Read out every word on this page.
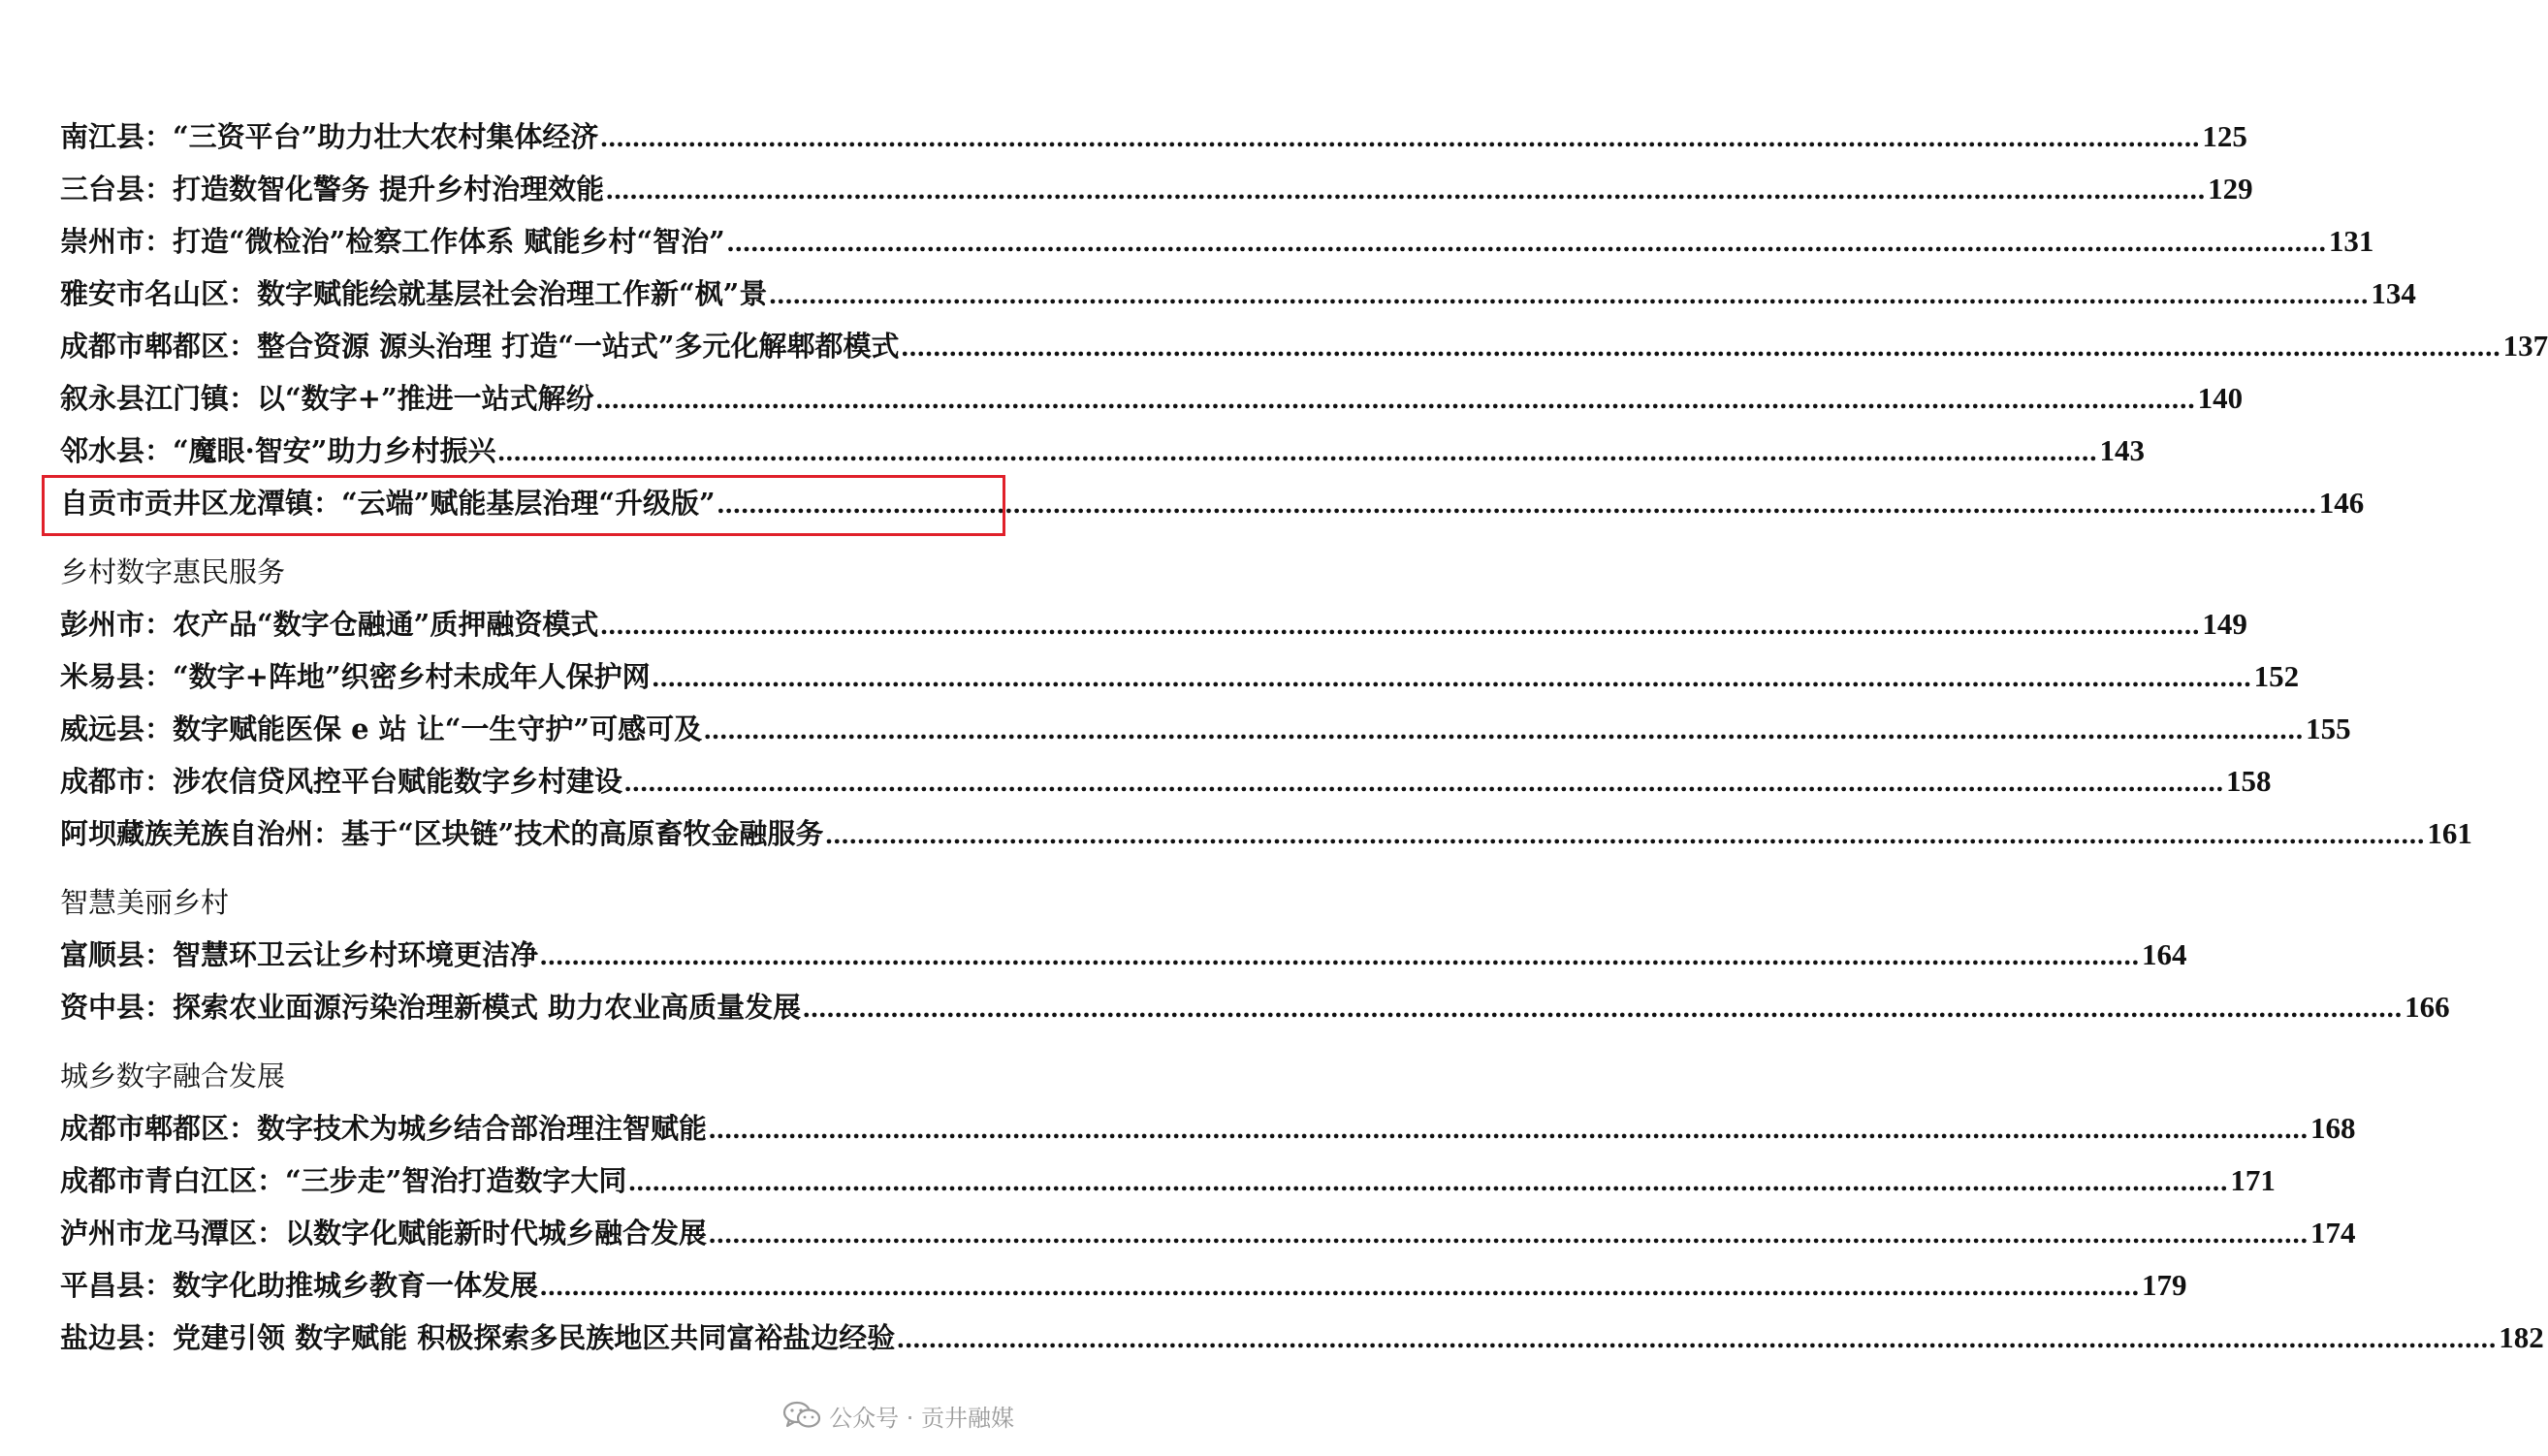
南江县：“三资平台”助力壮大农村集体经济 ........................................................................................................................................................................................................ 125
三台县：打造数智化警务 提升乡村治理效能 ........................................................................................................................................................................................................ 129
崇州市：打造“微检治”检察工作体系 赋能乡村“智治” ........................................................................................................................................................................................................ 131
雅安市名山区：数字赋能绘就基层社会治理工作新“枫”景 ........................................................................................................................................................................................................ 134
成都市郫都区：整合资源 源头治理 打造“一站式”多元化解郫都模式 ........................................................................................................................................................................................................ 137
叙永县江门镇：以“数字+”推进一站式解纷 ........................................................................................................................................................................................................ 140
邻水县：“魔眼·智安”助力乡村振兴 ........................................................................................................................................................................................................ 143
自贡市贡井区龙潭镇：“云端”赋能基层治理“升级版” ........................................................................................................................................................................................................ 146
乡村数字惠民服务
彭州市：农产品“数字仓融通”质押融资模式 ........................................................................................................................................................................................................ 149
米易县：“数字+阵地”织密乡村未成年人保护网 ........................................................................................................................................................................................................ 152
威远县：数字赋能医保 e 站 让“一生守护”可感可及 ........................................................................................................................................................................................................ 155
成都市：涉农信贷风控平台赋能数字乡村建设 ........................................................................................................................................................................................................ 158
阿坝藏族羌族自治州：基于“区块链”技术的高原畜牧金融服务 ........................................................................................................................................................................................................ 161
智慧美丽乡村
富顺县：智慧环卫云让乡村环境更洁净 ........................................................................................................................................................................................................ 164
资中县：探索农业面源污染治理新模式 助力农业高质量发展 ........................................................................................................................................................................................................ 166
城乡数字融合发展
成都市郫都区：数字技术为城乡结合部治理注智赋能 ........................................................................................................................................................................................................ 168
成都市青白江区：“三步走”智治打造数字大同 ........................................................................................................................................................................................................ 171
泸州市龙马潭区：以数字化赋能新时代城乡融合发展 ........................................................................................................................................................................................................ 174
平昌县：数字化助推城乡教育一体发展 ........................................................................................................................................................................................................ 179
盐边县：党建引领 数字赋能 积极探索多民族地区共同富裕盐边经验 ........................................................................................................................................................................................................ 182
公众号 · 贡井融媒
